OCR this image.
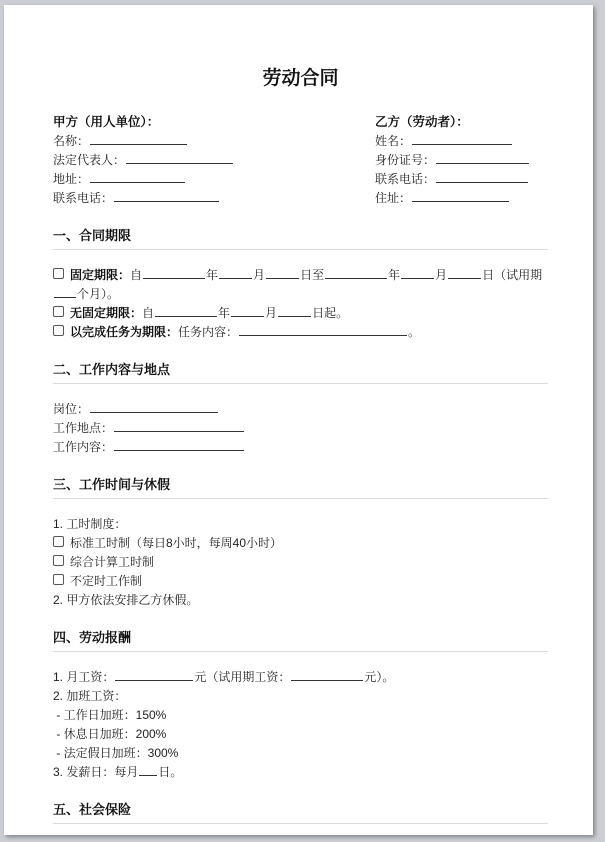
劳动合同
甲方（用人单位）：
名称：
法定代表人：
地址：
联系电话：
乙方（劳动者）：
姓名：
身份证号：
联系电话：
住址：
一、合同期限
固定期限：自	年	月	日至	年	月	日（试用期
个月）。
无固定期限：自	年	月	日起。
以完成任务为期限：任务内容：	。
二、工作内容与地点
岗位：
工作地点：
工作内容：
三、工作时间与休假
1. 工时制度：
标准工时制（每日8小时，每周40小时）
综合计算工时制
不定时工作制
2. 甲方依法安排乙方休假。
四、劳动报酬
1. 月工资：	元（试用期工资：	元）。
2. 加班工资：
- 工作日加班：150%
- 休息日加班：200%
- 法定假日加班：300%
3. 发薪日：每月 日。
五、社会保险
